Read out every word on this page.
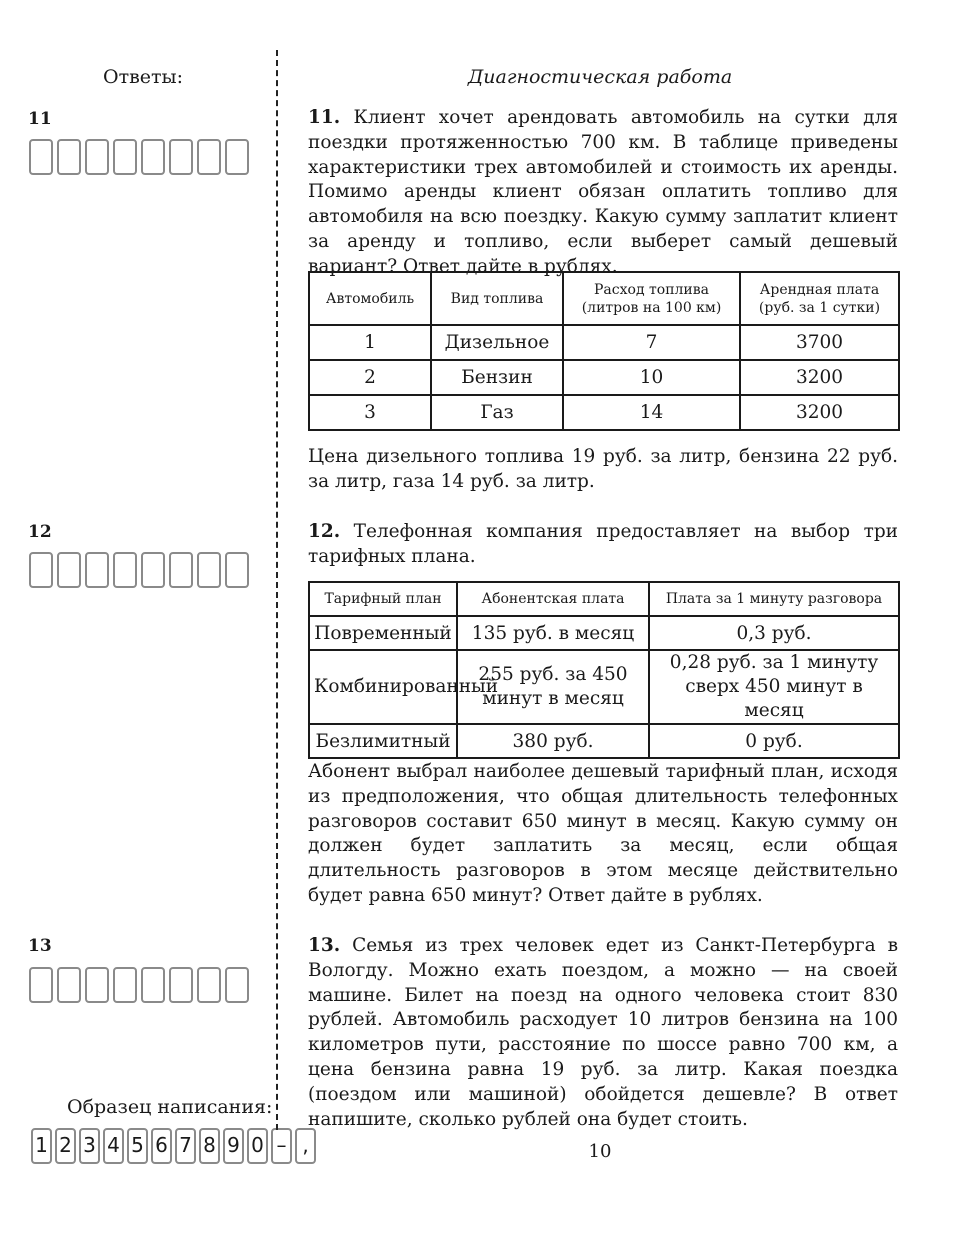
Ответы:
11
12
13
Образец написания:
1 2 3 4 5 6 7 8 9 0 – ,
Диагностическая работа
11. Клиент хочет арендовать автомобиль на сутки для поездки протяженностью 700 км. В таблице приведены характеристики трех автомобилей и стоимость их аренды. Помимо аренды клиент обязан оплатить топливо для автомобиля на всю поездку. Какую сумму заплатит клиент за аренду и топливо, если выберет самый дешевый вариант? Ответ дайте в рублях.
Автомобиль	Вид топлива	Расход топлива (литров на 100 км)	Арендная плата (руб. за 1 сутки)
1	Дизельное	7	3700
2	Бензин	10	3200
3	Газ	14	3200
Цена дизельного топлива 19 руб. за литр, бензина 22 руб. за литр, газа 14 руб. за литр.
12. Телефонная компания предоставляет на выбор три тарифных плана.
Тарифный план	Абонентская плата	Плата за 1 минуту разговора
Повременный	135 руб. в месяц	0,3 руб.
Комбинированный	255 руб. за 450 минут в месяц	0,28 руб. за 1 минуту сверх 450 минут в месяц
Безлимитный	380 руб.	0 руб.
Абонент выбрал наиболее дешевый тарифный план, исходя из предположения, что общая длительность телефонных разговоров составит 650 минут в месяц. Какую сумму он должен будет заплатить за месяц, если общая длительность разговоров в этом месяце действительно будет равна 650 минут? Ответ дайте в рублях.
13. Семья из трех человек едет из Санкт-Петербурга в Вологду. Можно ехать поездом, а можно — на своей машине. Билет на поезд на одного человека стоит 830 рублей. Автомобиль расходует 10 литров бензина на 100 километров пути, расстояние по шоссе равно 700 км, а цена бензина равна 19 руб. за литр. Какая поездка (поездом или машиной) обойдется дешевле? В ответ напишите, сколько рублей она будет стоить.
10
